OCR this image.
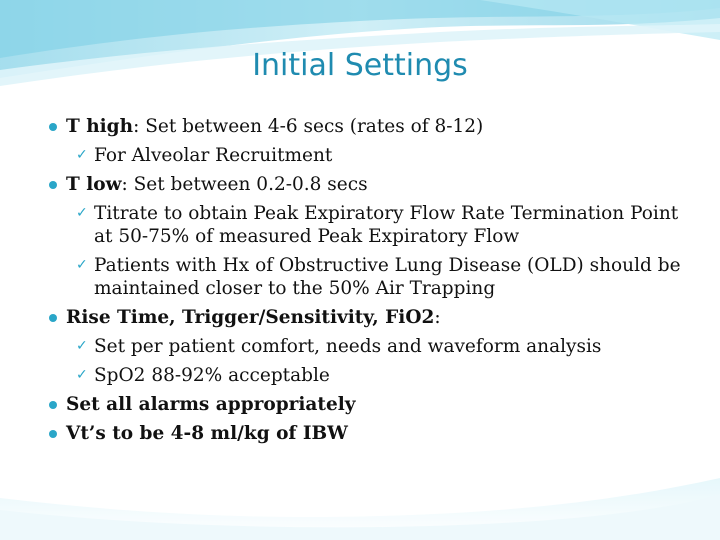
Initial Settings
T high: Set between 4-6 secs (rates of 8-12)
✓ For Alveolar Recruitment
T low: Set between 0.2-0.8 secs
✓ Titrate to obtain Peak Expiratory Flow Rate Termination Point at 50-75% of measured Peak Expiratory Flow
✓ Patients with Hx of Obstructive Lung Disease (OLD) should be maintained closer to the 50% Air Trapping
Rise Time, Trigger/Sensitivity, FiO2:
✓ Set per patient comfort, needs and waveform analysis
✓ SpO2 88-92% acceptable
Set all alarms appropriately
Vt’s to be 4-8 ml/kg of IBW
